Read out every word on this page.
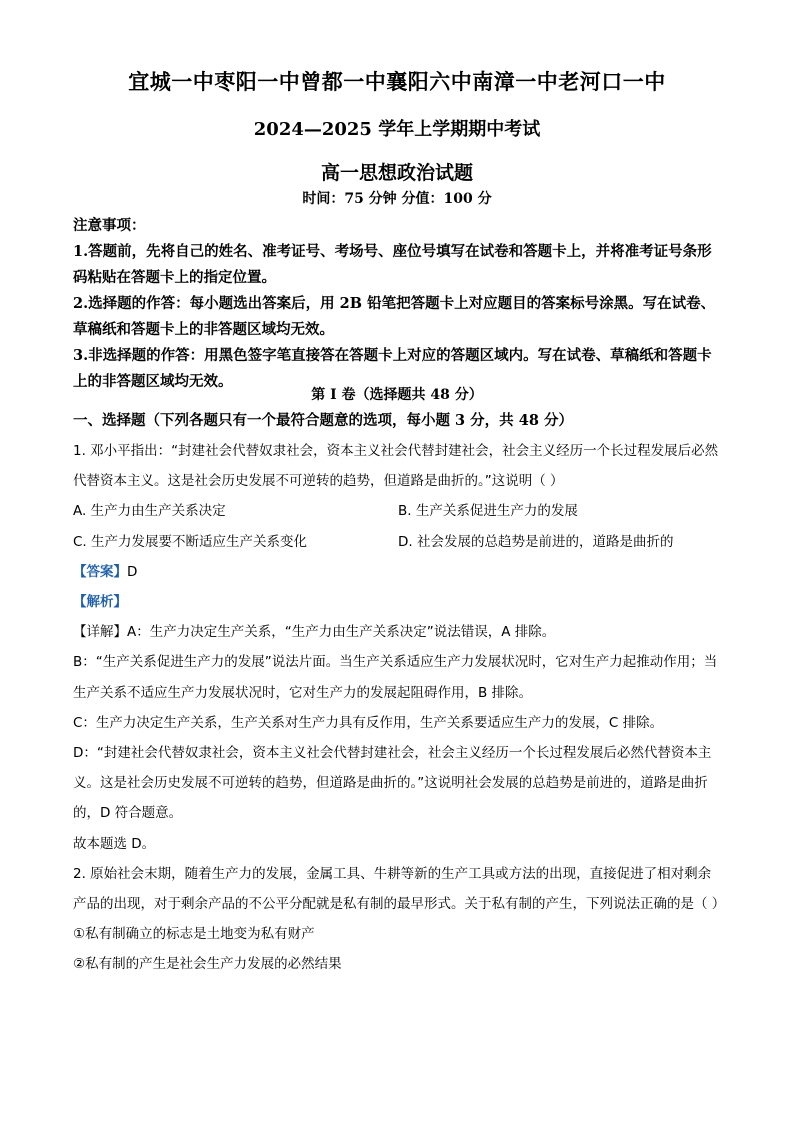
宜城一中枣阳一中曾都一中襄阳六中南漳一中老河口一中
2024—2025 学年上学期期中考试
高一思想政治试题
时间：75 分钟 分值：100 分

注意事项：

1.答题前，先将自己的姓名、准考证号、考场号、座位号填写在试卷和答题卡上，并将准考证号条形码粘贴在答题卡上的指定位置。

2.选择题的作答：每小题选出答案后，用 2B 铅笔把答题卡上对应题目的答案标号涂黑。写在试卷、草稿纸和答题卡上的非答题区域均无效。

3.非选择题的作答：用黑色签字笔直接答在答题卡上对应的答题区域内。写在试卷、草稿纸和答题卡上的非答题区域均无效。

第 I 卷（选择题共 48 分）
一、选择题（下列各题只有一个最符合题意的选项，每小题 3 分，共 48 分）

1. 邓小平指出：“封建社会代替奴隶社会，资本主义社会代替封建社会，社会主义经历一个长过程发展后必然代替资本主义。这是社会历史发展不可逆转的趋势，但道路是曲折的。”这说明（ ）

A. 生产力由生产关系决定	B. 生产关系促进生产力的发展
C. 生产力发展要不断适应生产关系变化	D. 社会发展的总趋势是前进的，道路是曲折的

【答案】D

【解析】

【详解】A：生产力决定生产关系，“生产力由生产关系决定”说法错误，A 排除。

B：“生产关系促进生产力的发展”说法片面。当生产关系适应生产力发展状况时，它对生产力起推动作用；当生产关系不适应生产力发展状况时，它对生产力的发展起阻碍作用，B 排除。

C：生产力决定生产关系，生产关系对生产力具有反作用，生产关系要适应生产力的发展，C 排除。

D：“封建社会代替奴隶社会，资本主义社会代替封建社会，社会主义经历一个长过程发展后必然代替资本主义。这是社会历史发展不可逆转的趋势，但道路是曲折的。”这说明社会发展的总趋势是前进的，道路是曲折的，D 符合题意。

故本题选 D。

2. 原始社会末期，随着生产力的发展，金属工具、牛耕等新的生产工具或方法的出现，直接促进了相对剩余产品的出现，对于剩余产品的不公平分配就是私有制的最早形式。关于私有制的产生，下列说法正确的是（ ）

①私有制确立的标志是土地变为私有财产

②私有制的产生是社会生产力发展的必然结果
